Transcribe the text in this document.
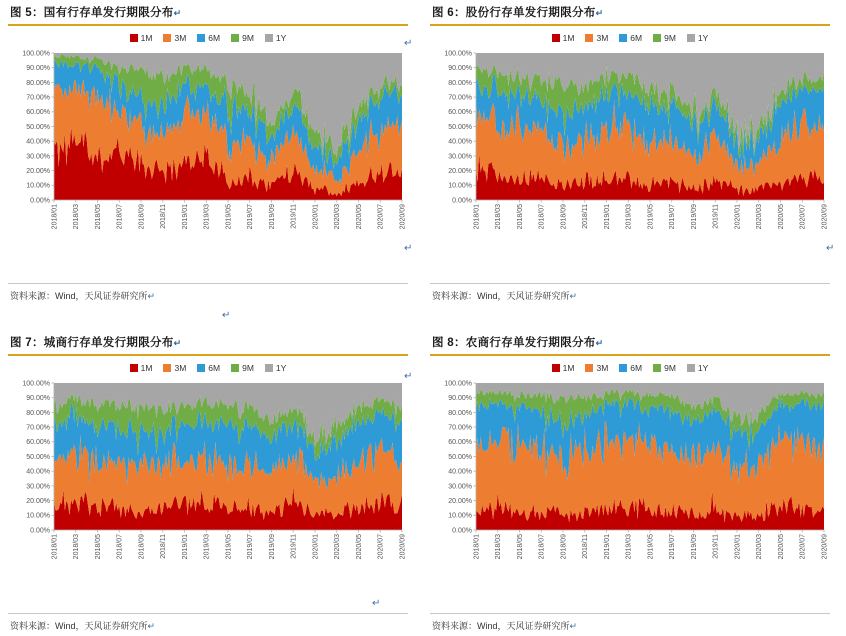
图 5：国有行存单发行期限分布↵
1M	3M	6M	9M	1Y
0.00%
10.00%
20.00%
30.00%
40.00%
50.00%
60.00%
70.00%
80.00%
90.00%
100.00%
2018/01 2018/03 2018/05 2018/07 2018/09 2018/11 2019/01 2019/03 2019/05 2019/07 2019/09 2019/11 2020/01 2020/03 2020/05 2020/07 2020/09
资料来源：Wind，天风证券研究所↵
图 6：股份行存单发行期限分布↵
1M	3M	6M	9M	1Y
0.00%
10.00%
20.00%
30.00%
40.00%
50.00%
60.00%
70.00%
80.00%
90.00%
100.00%
2018/01 2018/03 2018/05 2018/07 2018/09 2018/11 2019/01 2019/03 2019/05 2019/07 2019/09 2019/11 2020/01 2020/03 2020/05 2020/07 2020/09
资料来源：Wind，天风证券研究所↵
图 7：城商行存单发行期限分布↵
1M	3M	6M	9M	1Y
0.00%
10.00%
20.00%
30.00%
40.00%
50.00%
60.00%
70.00%
80.00%
90.00%
100.00%
2018/01 2018/03 2018/05 2018/07 2018/09 2018/11 2019/01 2019/03 2019/05 2019/07 2019/09 2019/11 2020/01 2020/03 2020/05 2020/07 2020/09
资料来源：Wind，天风证券研究所↵
图 8：农商行存单发行期限分布↵
1M	3M	6M	9M	1Y
0.00%
10.00%
20.00%
30.00%
40.00%
50.00%
60.00%
70.00%
80.00%
90.00%
100.00%
2018/01 2018/03 2018/05 2018/07 2018/09 2018/11 2019/01 2019/03 2019/05 2019/07 2019/09 2019/11 2020/01 2020/03 2020/05 2020/07 2020/09
资料来源：Wind，天风证券研究所↵
↵
↵
↵
↵
↵
↵
